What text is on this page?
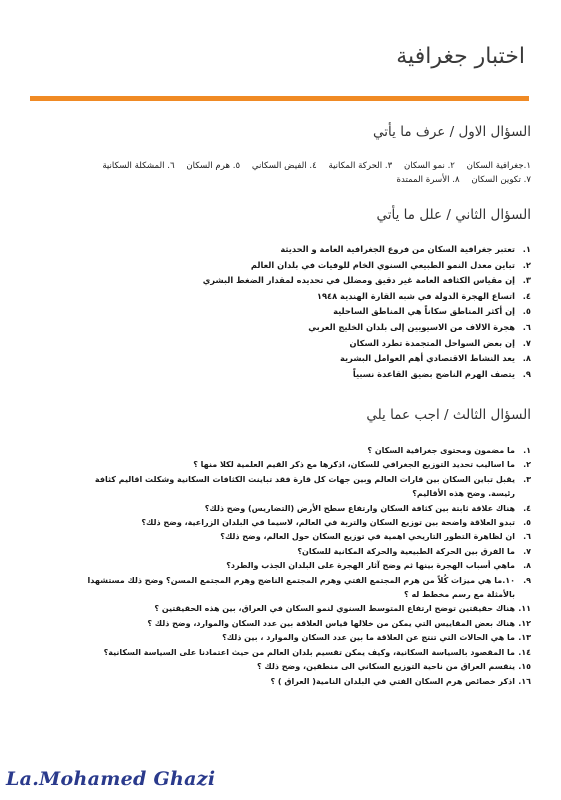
اختبار جغرافية
السؤال الاول / عرف ما يأتي
١.جغرافية السكان ٢. نمو السكان ٣. الحركة المكانية ٤. الفيض السكاني ٥. هرم السكان ٦. المشكلة السكانية
٧. تكوين السكان ٨. الأسرة الممتدة
السؤال الثاني / علل ما يأتي
١.
تعتبر جغرافية السكان من فروع الجغرافية العامة و الحديثة
٢.
تباين معدل النمو الطبيعي السنوي الخام للوفيات في بلدان العالم
٣.
إن مقياس الكثافة العامة غير دقيق ومضلل في تحديده لمقدار الضغط البشري
٤.
اتساع الهجرة الدولة في شبه القارة الهندية ١٩٤٨
٥.
إن أكثر المناطق سكاناً هي المناطق الساحلية
٦.
هجرة الالاف من الاسيويين إلى بلدان الخليج العربي
٧.
إن بعض السواحل المتجمدة تطرد السكان
٨.
يعد النشاط الاقتصادي أهم العوامل البشرية
٩.
يتصف الهرم الناضج بضيق القاعدة نسبياً
السؤال الثالث / اجب عما يلي
١.
ما مضمون ومحتوى جغرافية السكان ؟
٢.
ما اساليب تحديد التوزيع الجغرافي للسكان، اذكرها مع ذكر القيم العلمية لكلا منها ؟
٣.
يقبل تباين السكان بين قارات العالم وبين جهات كل قارة فقد تباينت الكثافات السكانية وشكلت اقاليم كثافة رئيسة. وضح هذه الأقاليم؟
٤.
هناك علاقة ثابتة بين كثافة السكان وارتفاع سطح الأرض (التضاريس) وضح ذلك؟
٥.
تبدو العلاقة واضحة بين توزيع السكان والتربة في العالم، لاسيما في البلدان الزراعية، وضح ذلك؟
٦.
ان لظاهرة التطور التاريخي اهمية في توزيع السكان حول العالم، وضح ذلك؟
٧.
ما الفرق بين الحركة الطبيعية والحركة المكانية للسكان؟
٨.
ماهي أسباب الهجرة بينها ثم وضح آثار الهجرة على البلدان الجذب والطرد؟
٩.
١٠.ما هي ميزات كُلاً من هرم المجتمع الفتي وهرم المجتمع الناضج وهرم المجتمع المسن؟ وضح ذلك مستشهدا بالأمثلة مع رسم مخطط له ؟
١١.
هناك حقيقتين توضح ارتفاع المتوسط السنوي لنمو السكان في العراق، بين هذه الحقيقتين ؟
١٢.
هناك بعض المقاييس التي يمكن من خلالها قياس العلاقة بين عدد السكان والموارد، وضح ذلك ؟
١٣.
ما هي الحالات التي تنتج عن العلاقة ما بين عدد السكان والموارد ، بين ذلك؟
١٤.
ما المقصود بالسياسة السكانية، وكيف يمكن تقسيم بلدان العالم من حيث اعتمادنا على السياسة السكانية؟
١٥.
ينقسم العراق من ناحية التوزيع السكاني الى منطقين، وضح ذلك ؟
١٦.
اذكر خصائص هرم السكان الفتي في البلدان النامية( العراق ) ؟
La.Mohamed Ghazi
